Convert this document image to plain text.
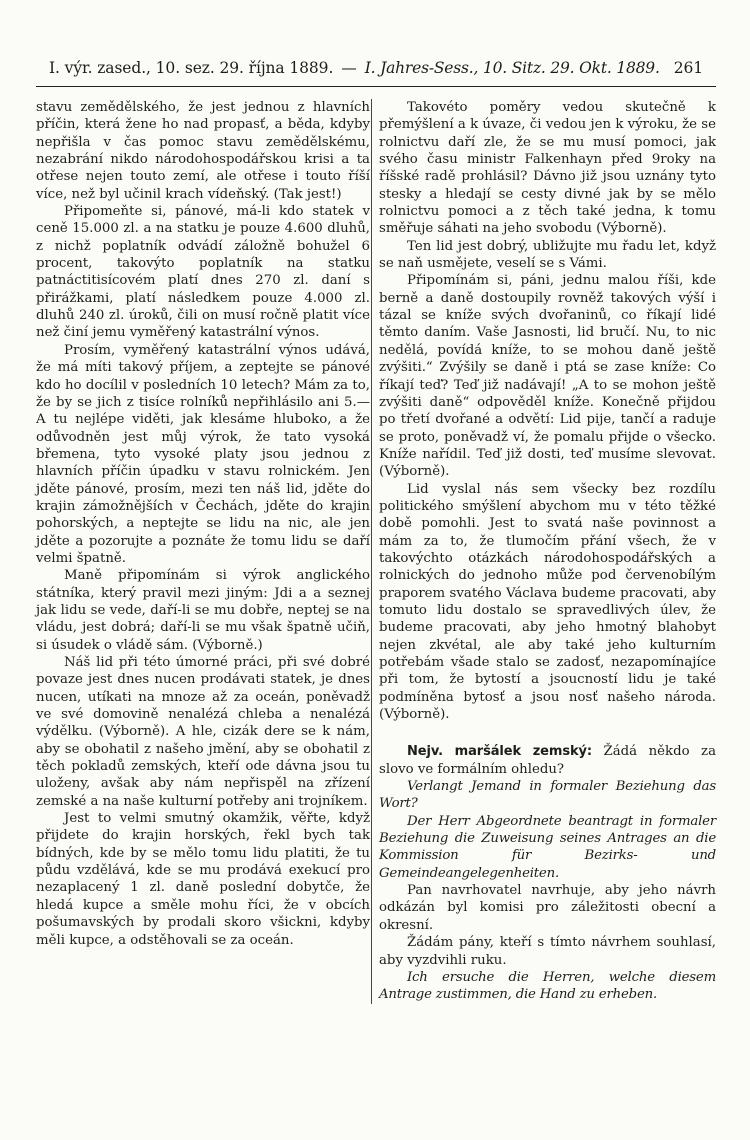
I. výr. zased., 10. sez. 29. října 1889. — I. Jahres-Sess., 10. Sitz. 29. Okt. 1889. 261

stavu zemědělského, že jest jednou z hlavních příčin, která žene ho nad propasť, a běda, kdyby nepřišla v čas pomoc stavu zemědělskému, nezabrání nikdo národohospodářskou krisi a ta otřese nejen touto zemí, ale otřese i touto říší více, než byl učinil krach vídeňský. (Tak jest!)

Připomeňte si, pánové, má-li kdo statek v ceně 15.000 zl. a na statku je pouze 4.600 dluhů, z nichž poplatník odvádí záložně bohužel 6 procent, takovýto poplatník na statku patnáctitisícovém platí dnes 270 zl. daní s přirážkami, platí následkem pouze 4.000 zl. dluhů 240 zl. úroků, čili on musí ročně platit více než činí jemu vyměřený katastrální výnos.

Prosím, vyměřený katastrální výnos udává, že má míti takový příjem, a zeptejte se pánové kdo ho docílil v posledních 10 letech? Mám za to, že by se jich z tisíce rolníků nepřihlásilo ani 5.— A tu nejlépe viděti, jak klesáme hluboko, a že odůvodněn jest můj výrok, že tato vysoká břemena, tyto vysoké platy jsou jednou z hlavních příčin úpadku v stavu rolnickém. Jen jděte pánové, prosím, mezi ten náš lid, jděte do krajin zámožnějších v Čechách, jděte do krajin pohorských, a neptejte se lidu na nic, ale jen jděte a pozorujte a poznáte že tomu lidu se daří velmi špatně.

Maně připomínám si výrok anglického státníka, který pravil mezi jiným: Jdi a a seznej jak lidu se vede, daří-li se mu dobře, neptej se na vládu, jest dobrá; daří-li se mu však špatně učiň, si úsudek o vládě sám. (Výborně.)

Náš lid při této úmorné práci, při své dobré povaze jest dnes nucen prodávati statek, je dnes nucen, utíkati na mnoze až za oceán, poněvadž ve své domovině nenalézá chleba a nenalézá výdělku. (Výborně). A hle, cizák dere se k nám, aby se obohatil z našeho jmění, aby se obohatil z těch pokladů zemských, kteří ode dávna jsou tu uloženy, avšak aby nám nepřispěl na zřízení zemské a na naše kulturní potřeby ani trojníkem.

Jest to velmi smutný okamžik, věřte, když přijdete do krajin horských, řekl bych tak bídných, kde by se mělo tomu lidu platiti, že tu půdu vzdělává, kde se mu prodává exekucí pro nezaplacený 1 zl. daně poslední dobytče, že hledá kupce a směle mohu říci, že v obcích pošumavských by prodali skoro všickni, kdyby měli kupce, a odstěhovali se za oceán.

Takovéto poměry vedou skutečně k přemýšlení a k úvaze, či vedou jen k výroku, že se rolnictvu daří zle, že se mu musí pomoci, jak svého času ministr Falkenhayn před 9roky na říšské radě prohlásil? Dávno již jsou uznány tyto stesky a hledají se cesty divné jak by se mělo rolnictvu pomoci a z těch také jedna, k tomu směřuje sáhati na jeho svobodu (Výborně).

Ten lid jest dobrý, ubližujte mu řadu let, když se naň usmějete, veselí se s Vámi.

Připomínám si, páni, jednu malou říši, kde berně a daně dostoupily rovněž takových výší i tázal se kníže svých dvořaninů, co říkají lidé těmto daním. Vaše Jasnosti, lid bručí. Nu, to nic nedělá, povídá kníže, to se mohou daně ještě zvýšiti.“ Zvýšily se daně i ptá se zase kníže: Co říkají teď? Teď již nadávají! „A to se mohon ještě zvýšiti daně“ odpověděl kníže. Konečně přijdou po třetí dvořané a odvětí: Lid pije, tančí a raduje se proto, poněvadž ví, že pomalu přijde o všecko. Kníže nařídil. Teď již dosti, teď musíme slevovat. (Výborně).

Lid vyslal nás sem všecky bez rozdílu politického smýšlení abychom mu v této těžké době pomohli. Jest to svatá naše povinnost a mám za to, že tlumočím přání všech, že v takovýchto otázkách národohospodářských a rolnických do jednoho může pod červenobílým praporem svatého Václava budeme pracovati, aby tomuto lidu dostalo se spravedlivých úlev, že budeme pracovati, aby jeho hmotný blahobyt nejen zkvétal, ale aby také jeho kulturním potřebám všade stalo se zadosť, nezapomínajíce při tom, že bytostí a jsoucností lidu je také podmíněna bytosť a jsou nosť našeho národa. (Výborně).

Nejv. maršálek zemský: Žádá někdo za slovo ve formálním ohledu?

Verlangt Jemand in formaler Beziehung das Wort?

Der Herr Abgeordnete beantragt in formaler Beziehung die Zuweisung seines Antrages an die Kommission für Bezirks- und Gemeindeangelegenheiten.

Pan navrhovatel navrhuje, aby jeho návrh odkázán byl komisi pro záležitosti obecní a okresní.

Žádám pány, kteří s tímto návrhem souhlasí, aby vyzdvihli ruku.

Ich ersuche die Herren, welche diesem Antrage zustimmen, die Hand zu erheben.
